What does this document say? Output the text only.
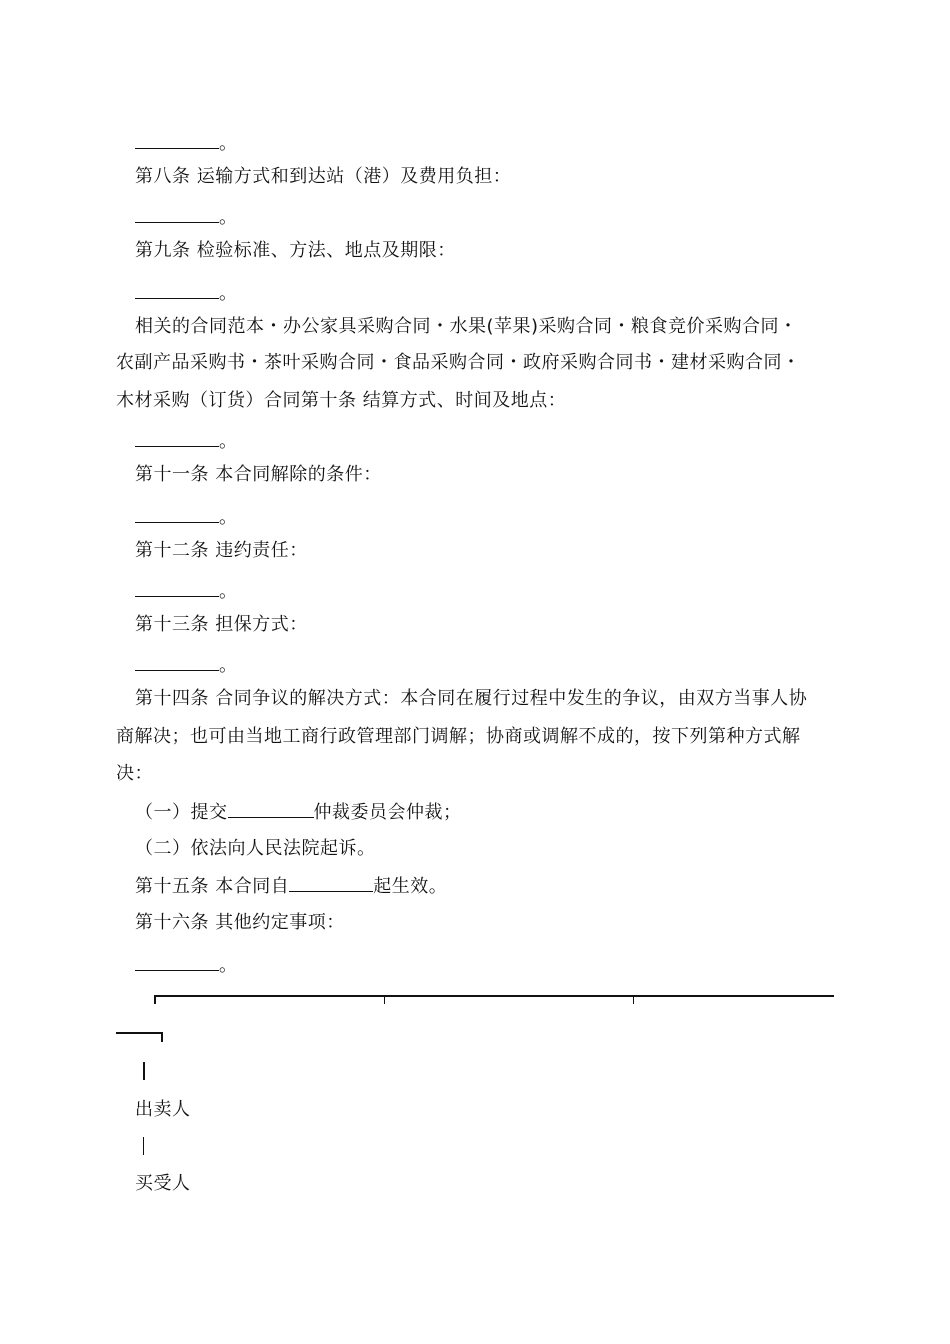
。
第八条 运输方式和到达站（港）及费用负担：
。
第九条 检验标准、方法、地点及期限：
。
相关的合同范本・办公家具采购合同・水果(苹果)采购合同・粮食竞价采购合同・
农副产品采购书・茶叶采购合同・食品采购合同・政府采购合同书・建材采购合同・
木材采购（订货）合同第十条 结算方式、时间及地点：
。
第十一条 本合同解除的条件：
。
第十二条 违约责任：
。
第十三条 担保方式：
。
第十四条 合同争议的解决方式：本合同在履行过程中发生的争议，由双方当事人协
商解决；也可由当地工商行政管理部门调解；协商或调解不成的，按下列第种方式解
决：
（一）提交	仲裁委员会仲裁；
（二）依法向人民法院起诉。
第十五条 本合同自	起生效。
第十六条 其他约定事项：
。
出卖人
买受人
